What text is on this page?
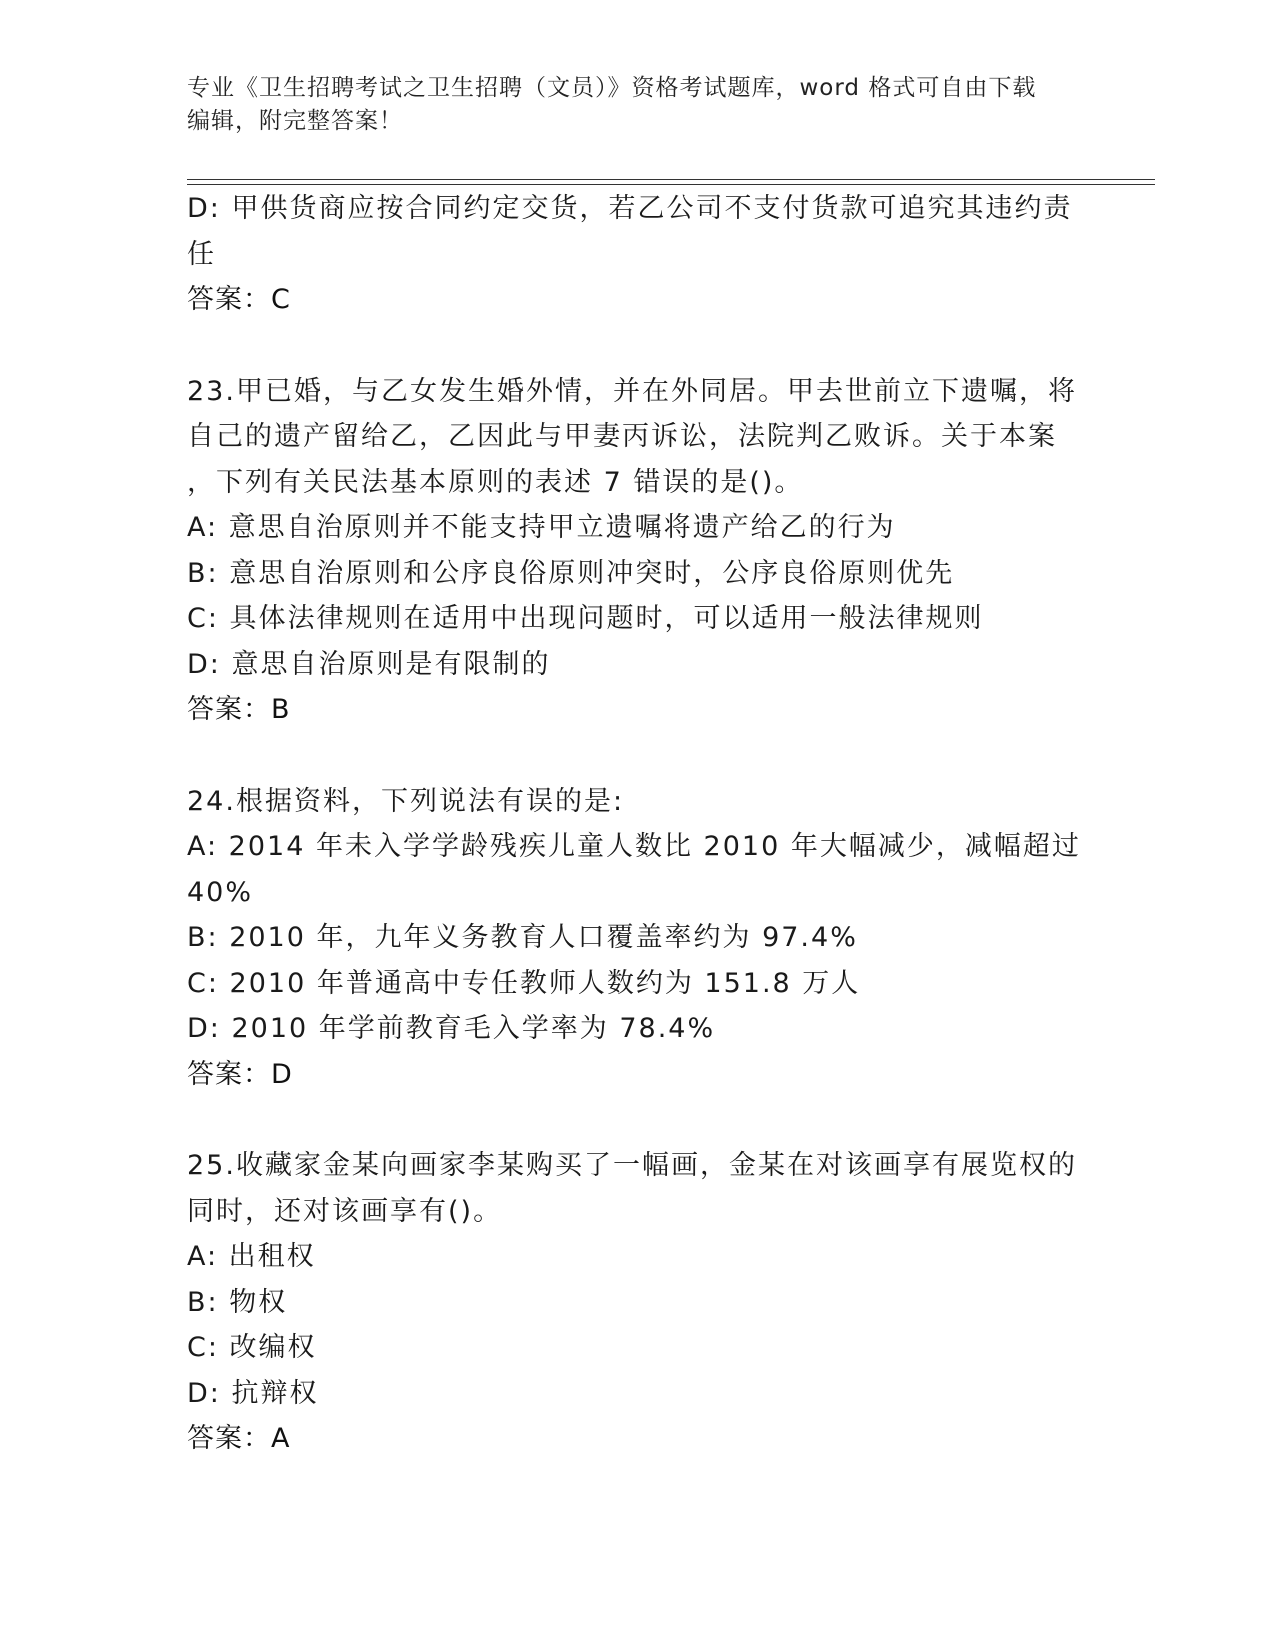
专业《卫生招聘考试之卫生招聘（文员）》资格考试题库，word 格式可自由下载
编辑，附完整答案！
D: 甲供货商应按合同约定交货，若乙公司不支付货款可追究其违约责
任
答案：C
23.甲已婚，与乙女发生婚外情，并在外同居。甲去世前立下遗嘱，将
自己的遗产留给乙，乙因此与甲妻丙诉讼，法院判乙败诉。关于本案
，下列有关民法基本原则的表述 7 错误的是()。
A: 意思自治原则并不能支持甲立遗嘱将遗产给乙的行为
B: 意思自治原则和公序良俗原则冲突时，公序良俗原则优先
C: 具体法律规则在适用中出现问题时，可以适用一般法律规则
D: 意思自治原则是有限制的
答案：B
24.根据资料，下列说法有误的是:
A: 2014 年未入学学龄残疾儿童人数比 2010 年大幅减少，减幅超过
40%
B: 2010 年，九年义务教育人口覆盖率约为 97.4%
C: 2010 年普通高中专任教师人数约为 151.8 万人
D: 2010 年学前教育毛入学率为 78.4%
答案：D
25.收藏家金某向画家李某购买了一幅画，金某在对该画享有展览权的
同时，还对该画享有()。
A: 出租权
B: 物权
C: 改编权
D: 抗辩权
答案：A
